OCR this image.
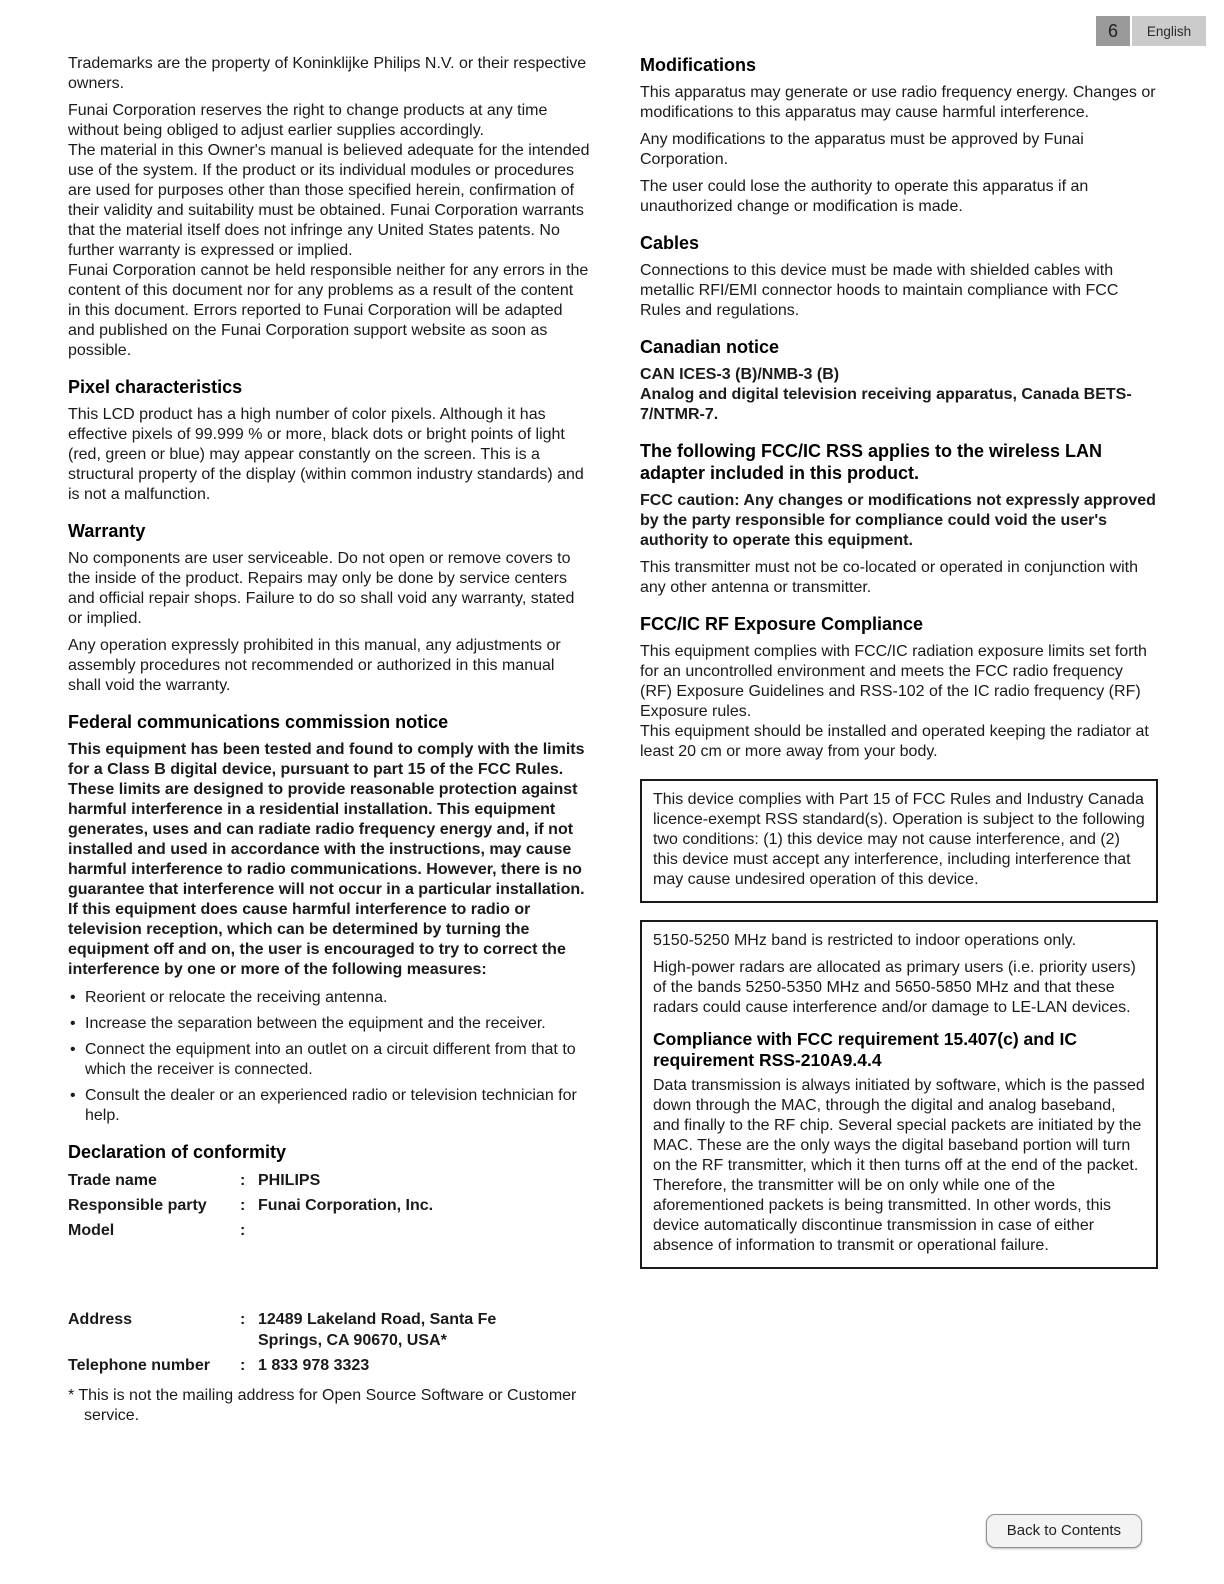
6	English

Trademarks are the property of Koninklijke Philips N.V. or their respective owners.

Funai Corporation reserves the right to change products at any time without being obliged to adjust earlier supplies accordingly.

The material in this Owner's manual is believed adequate for the intended use of the system. If the product or its individual modules or procedures are used for purposes other than those specified herein, confirmation of their validity and suitability must be obtained. Funai Corporation warrants that the material itself does not infringe any United States patents. No further warranty is expressed or implied.

Funai Corporation cannot be held responsible neither for any errors in the content of this document nor for any problems as a result of the content in this document. Errors reported to Funai Corporation will be adapted and published on the Funai Corporation support website as soon as possible.

Pixel characteristics

This LCD product has a high number of color pixels. Although it has effective pixels of 99.999 % or more, black dots or bright points of light (red, green or blue) may appear constantly on the screen. This is a structural property of the display (within common industry standards) and is not a malfunction.

Warranty

No components are user serviceable. Do not open or remove covers to the inside of the product. Repairs may only be done by service centers and official repair shops. Failure to do so shall void any warranty, stated or implied.

Any operation expressly prohibited in this manual, any adjustments or assembly procedures not recommended or authorized in this manual shall void the warranty.

Federal communications commission notice

This equipment has been tested and found to comply with the limits for a Class B digital device, pursuant to part 15 of the FCC Rules. These limits are designed to provide reasonable protection against harmful interference in a residential installation. This equipment generates, uses and can radiate radio frequency energy and, if not installed and used in accordance with the instructions, may cause harmful interference to radio communications. However, there is no guarantee that interference will not occur in a particular installation. If this equipment does cause harmful interference to radio or television reception, which can be determined by turning the equipment off and on, the user is encouraged to try to correct the interference by one or more of the following measures:

• Reorient or relocate the receiving antenna.
• Increase the separation between the equipment and the receiver.
• Connect the equipment into an outlet on a circuit different from that to which the receiver is connected.
• Consult the dealer or an experienced radio or television technician for help.
Declaration of conformity
Trade name	: PHILIPS
Responsible party	: Funai Corporation, Inc.
Model	:
Address	: 12489 Lakeland Road, Santa Fe Springs, CA 90670, USA*
Telephone number	: 1 833 978 3323

* This is not the mailing address for Open Source Software or Customer service.

Modifications

This apparatus may generate or use radio frequency energy. Changes or modifications to this apparatus may cause harmful interference.

Any modifications to the apparatus must be approved by Funai Corporation.

The user could lose the authority to operate this apparatus if an unauthorized change or modification is made.

Cables

Connections to this device must be made with shielded cables with metallic RFI/EMI connector hoods to maintain compliance with FCC Rules and regulations.

Canadian notice

CAN ICES-3 (B)/NMB-3 (B)

Analog and digital television receiving apparatus, Canada BETS-7/NTMR-7.

The following FCC/IC RSS applies to the wireless LAN adapter included in this product.

FCC caution: Any changes or modifications not expressly approved by the party responsible for compliance could void the user's authority to operate this equipment.

This transmitter must not be co-located or operated in conjunction with any other antenna or transmitter.

FCC/IC RF Exposure Compliance

This equipment complies with FCC/IC radiation exposure limits set forth for an uncontrolled environment and meets the FCC radio frequency (RF) Exposure Guidelines and RSS-102 of the IC radio frequency (RF) Exposure rules.

This equipment should be installed and operated keeping the radiator at least 20 cm or more away from your body.

This device complies with Part 15 of FCC Rules and Industry Canada licence-exempt RSS standard(s). Operation is subject to the following two conditions: (1) this device may not cause interference, and (2) this device must accept any interference, including interference that may cause undesired operation of this device.

5150-5250 MHz band is restricted to indoor operations only.

High-power radars are allocated as primary users (i.e. priority users) of the bands 5250-5350 MHz and 5650-5850 MHz and that these radars could cause interference and/or damage to LE-LAN devices.

Compliance with FCC requirement 15.407(c) and IC requirement RSS-210A9.4.4

Data transmission is always initiated by software, which is the passed down through the MAC, through the digital and analog baseband, and finally to the RF chip. Several special packets are initiated by the MAC. These are the only ways the digital baseband portion will turn on the RF transmitter, which it then turns off at the end of the packet. Therefore, the transmitter will be on only while one of the aforementioned packets is being transmitted. In other words, this device automatically discontinue transmission in case of either absence of information to transmit or operational failure.

Back to Contents
